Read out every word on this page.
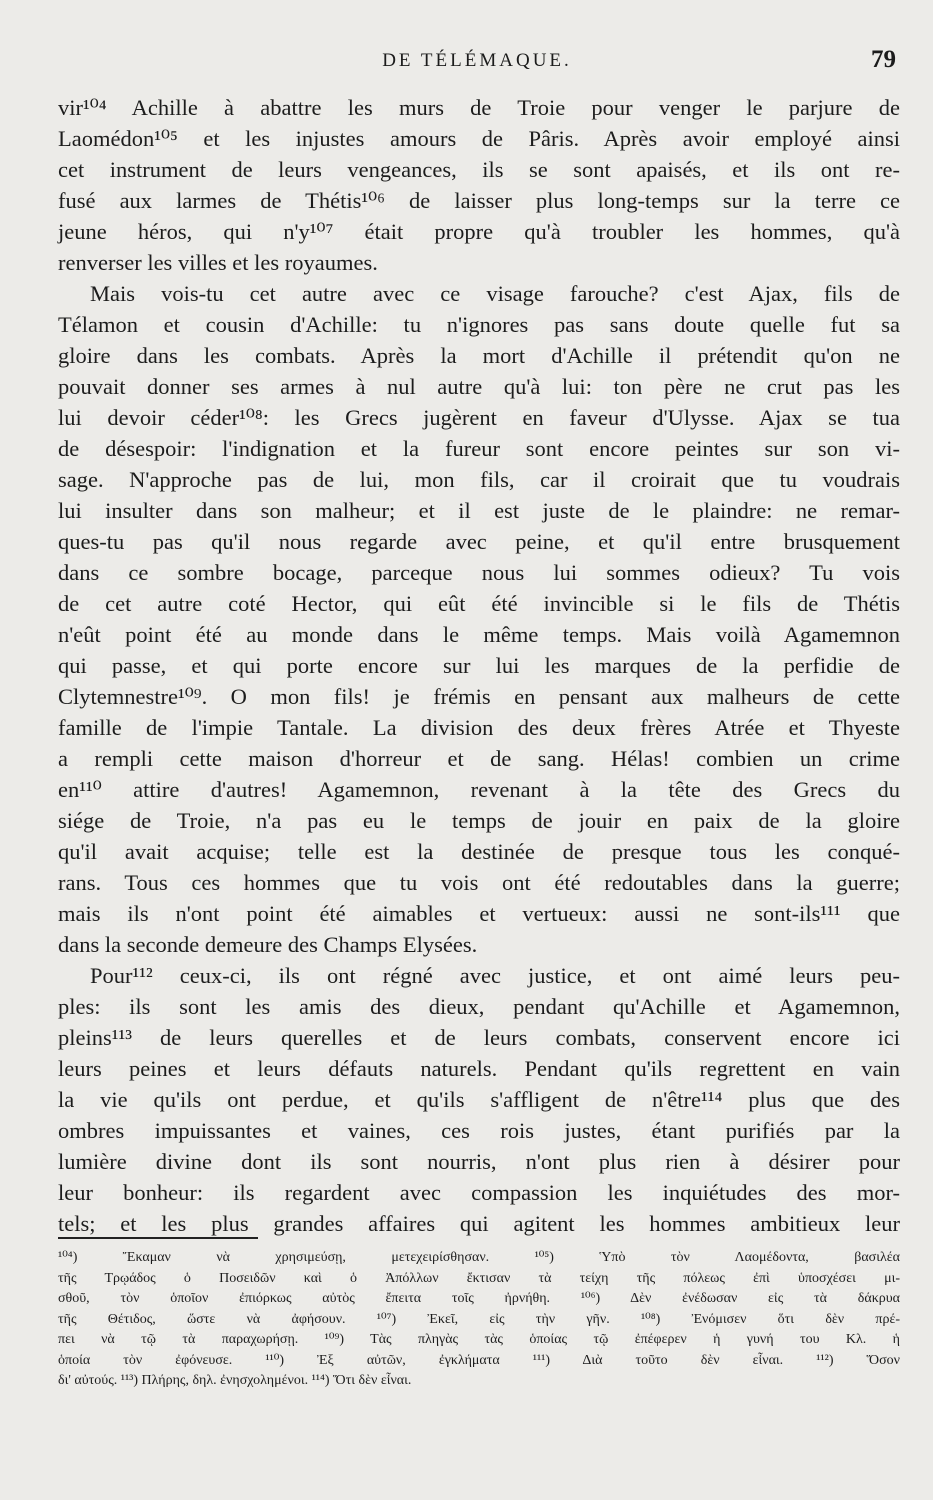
DE TÉLÉMAQUE.	79
vir¹⁰⁴ Achille à abattre les murs de Troie pour venger le parjure de
Laomédon¹⁰⁵ et les injustes amours de Pâris. Après avoir employé ainsi
cet instrument de leurs vengeances, ils se sont apaisés, et ils ont re-
fusé aux larmes de Thétis¹⁰⁶ de laisser plus long-temps sur la terre ce
jeune héros, qui n'y¹⁰⁷ était propre qu'à troubler les hommes, qu'à
renverser les villes et les royaumes.
Mais vois-tu cet autre avec ce visage farouche? c'est Ajax, fils de
Télamon et cousin d'Achille: tu n'ignores pas sans doute quelle fut sa
gloire dans les combats. Après la mort d'Achille il prétendit qu'on ne
pouvait donner ses armes à nul autre qu'à lui: ton père ne crut pas les
lui devoir céder¹⁰⁸: les Grecs jugèrent en faveur d'Ulysse. Ajax se tua
de désespoir: l'indignation et la fureur sont encore peintes sur son vi-
sage. N'approche pas de lui, mon fils, car il croirait que tu voudrais
lui insulter dans son malheur; et il est juste de le plaindre: ne remar-
ques-tu pas qu'il nous regarde avec peine, et qu'il entre brusquement
dans ce sombre bocage, parceque nous lui sommes odieux? Tu vois
de cet autre coté Hector, qui eût été invincible si le fils de Thétis
n'eût point été au monde dans le même temps. Mais voilà Agamemnon
qui passe, et qui porte encore sur lui les marques de la perfidie de
Clytemnestre¹⁰⁹. O mon fils! je frémis en pensant aux malheurs de cette
famille de l'impie Tantale. La division des deux frères Atrée et Thyeste
a rempli cette maison d'horreur et de sang. Hélas! combien un crime
en¹¹⁰ attire d'autres! Agamemnon, revenant à la tête des Grecs du
siége de Troie, n'a pas eu le temps de jouir en paix de la gloire
qu'il avait acquise; telle est la destinée de presque tous les conqué-
rans. Tous ces hommes que tu vois ont été redoutables dans la guerre;
mais ils n'ont point été aimables et vertueux: aussi ne sont-ils¹¹¹ que
dans la seconde demeure des Champs Elysées.
Pour¹¹² ceux-ci, ils ont régné avec justice, et ont aimé leurs peu-
ples: ils sont les amis des dieux, pendant qu'Achille et Agamemnon,
pleins¹¹³ de leurs querelles et de leurs combats, conservent encore ici
leurs peines et leurs défauts naturels. Pendant qu'ils regrettent en vain
la vie qu'ils ont perdue, et qu'ils s'affligent de n'être¹¹⁴ plus que des
ombres impuissantes et vaines, ces rois justes, étant purifiés par la
lumière divine dont ils sont nourris, n'ont plus rien à désirer pour
leur bonheur: ils regardent avec compassion les inquiétudes des mor-
tels; et les plus grandes affaires qui agitent les hommes ambitieux leur
¹⁰⁴) Ἔκαμαν νὰ χρησιμεύσῃ, μετεχειρίσθησαν. ¹⁰⁵) Ὑπὸ τὸν Λαομέδοντα, βασιλέα
τῆς Τρῳάδος ὁ Ποσειδῶν καὶ ὁ Ἀπόλλων ἔκτισαν τὰ τείχη τῆς πόλεως ἐπὶ ὑποσχέσει μι-
σθοῦ, τὸν ὁποῖον ἐπιόρκως αὐτὸς ἔπειτα τοῖς ἠρνήθη. ¹⁰⁶) Δὲν ἐνέδωσαν εἰς τὰ δάκρυα
τῆς Θέτιδος, ὥστε νὰ ἀφήσουν. ¹⁰⁷) Ἐκεῖ, εἰς τὴν γῆν. ¹⁰⁸) Ἐνόμισεν ὅτι δὲν πρέ-
πει νὰ τῷ τὰ παραχωρήσῃ. ¹⁰⁹) Τὰς πληγὰς τὰς ὁποίας τῷ ἐπέφερεν ἡ γυνή του Κλ. ἡ
ὁποία τὸν ἐφόνευσε. ¹¹⁰) Ἐξ αὐτῶν, ἐγκλήματα ¹¹¹) Διὰ τοῦτο δὲν εἶναι. ¹¹²) Ὅσον
δι' αὐτούς. ¹¹³) Πλήρης, δηλ. ἐνησχολημένοι. ¹¹⁴) Ὅτι δὲν εἶναι.
